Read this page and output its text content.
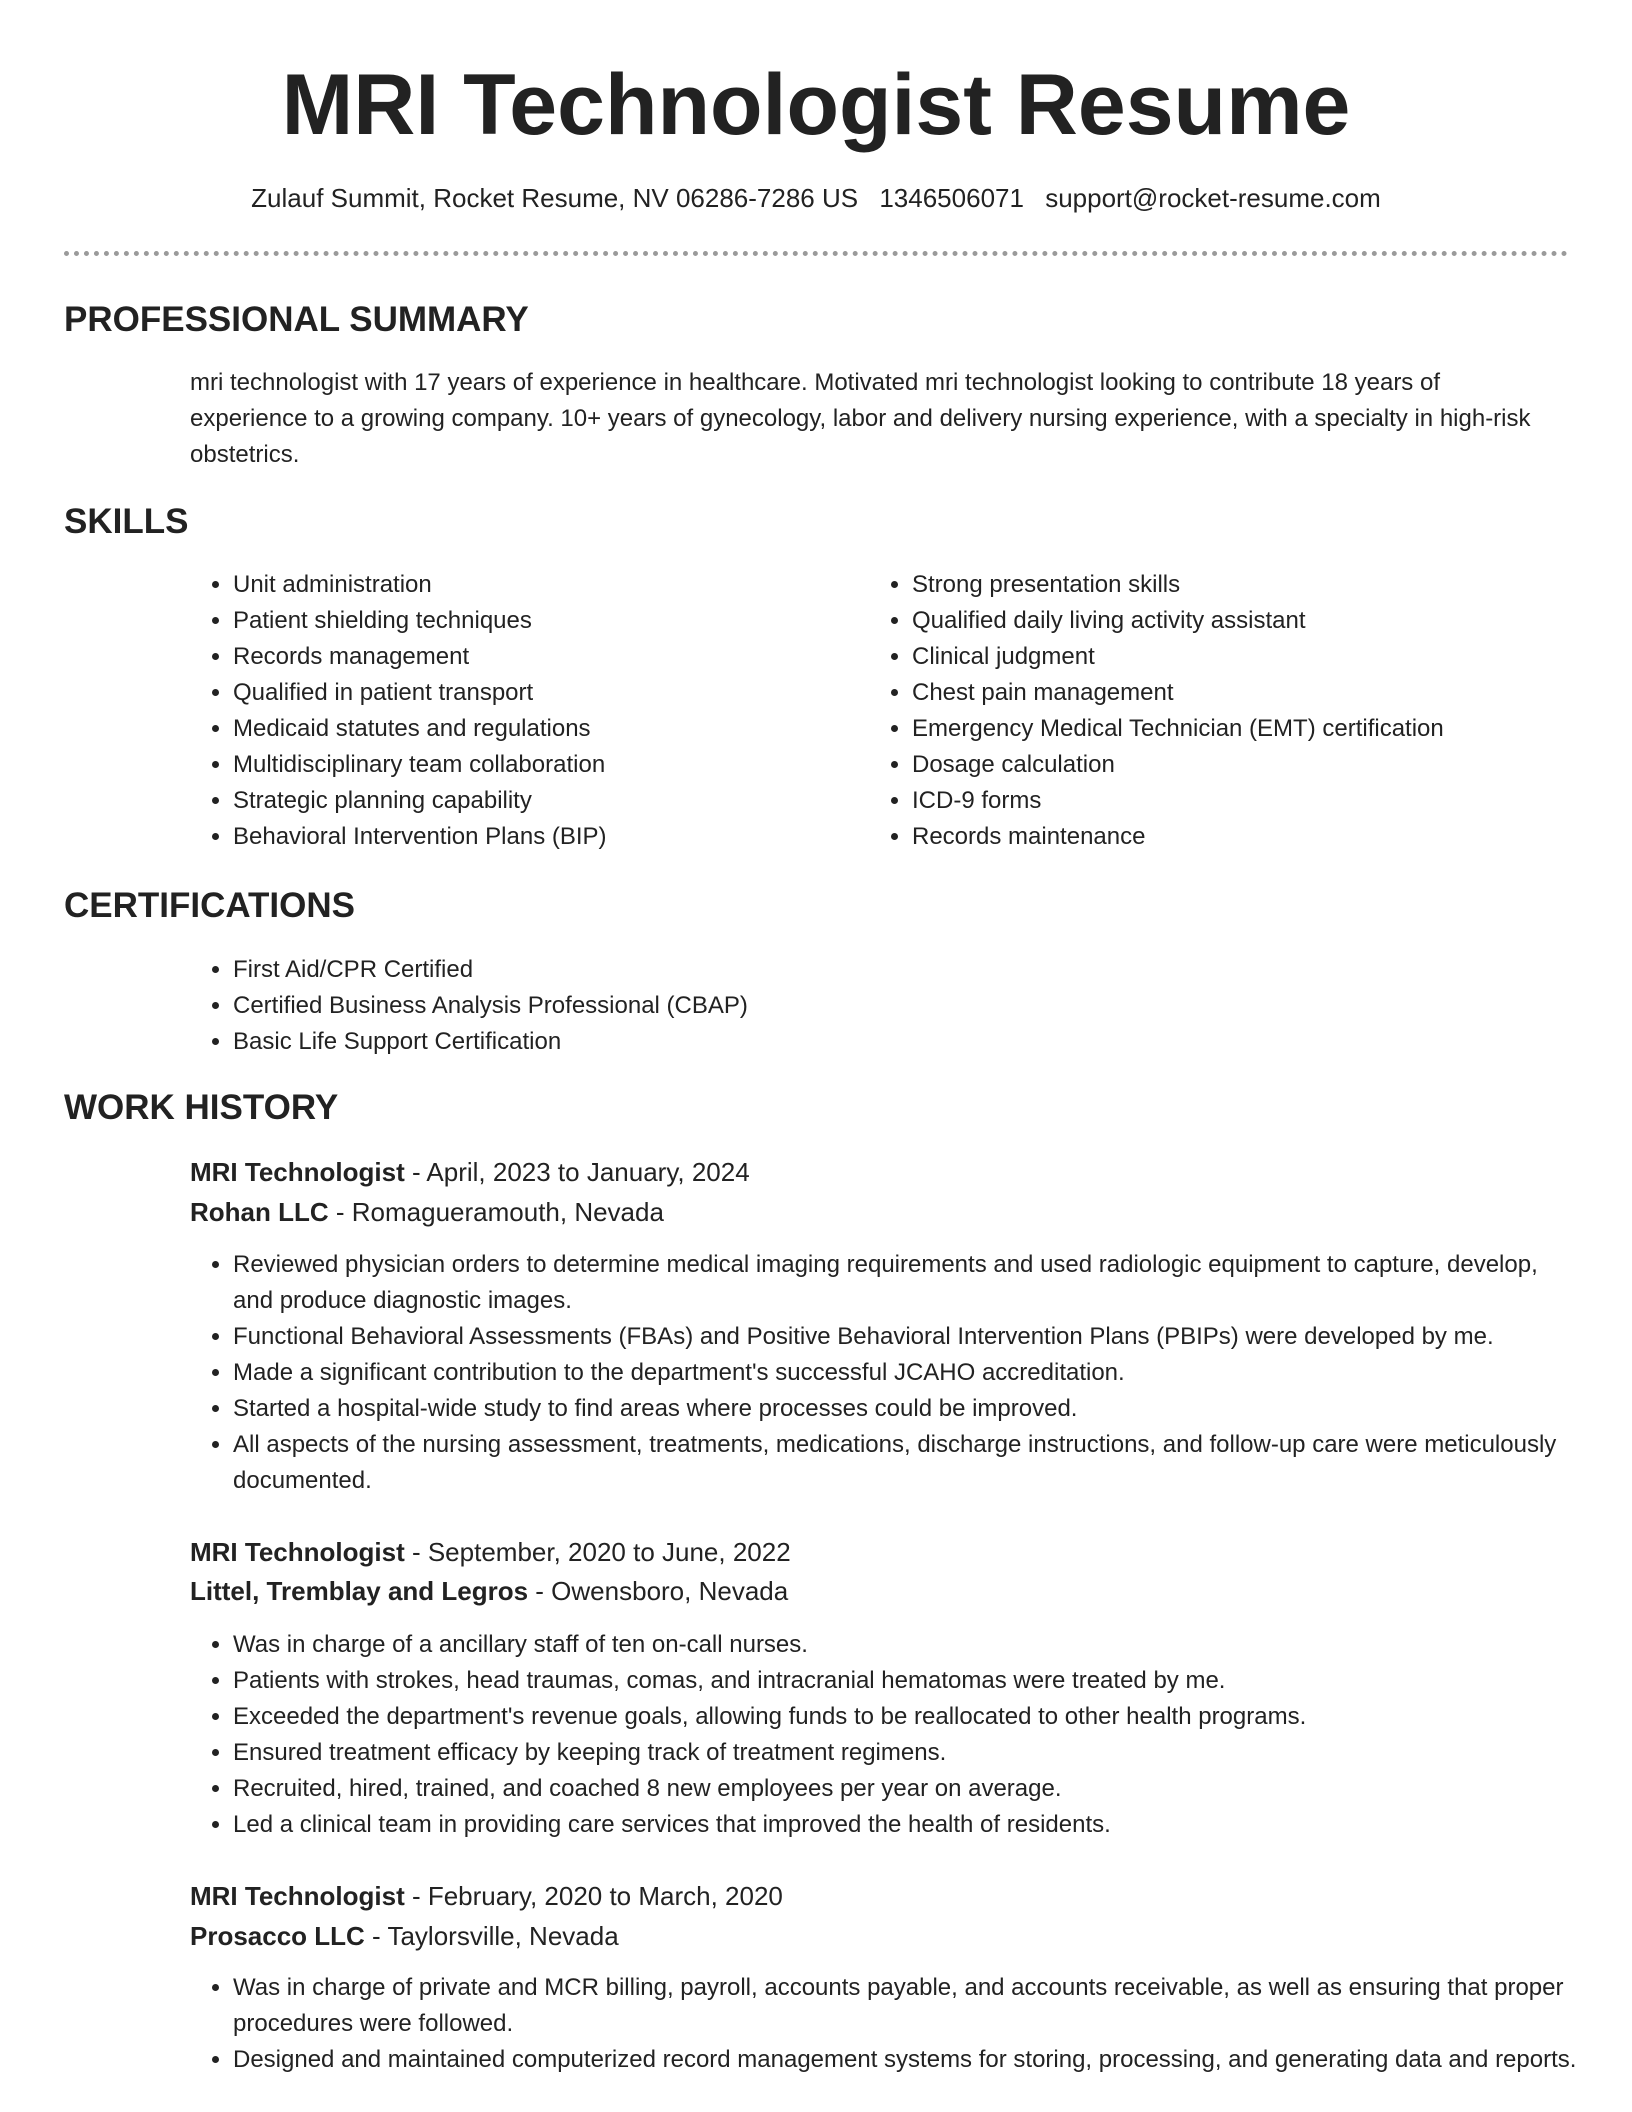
MRI Technologist Resume
Zulauf Summit, Rocket Resume, NV 06286-7286 US 1346506071 support@rocket-resume.com
PROFESSIONAL SUMMARY
mri technologist with 17 years of experience in healthcare. Motivated mri technologist looking to contribute 18 years of experience to a growing company. 10+ years of gynecology, labor and delivery nursing experience, with a specialty in high-risk obstetrics.
SKILLS
• Unit administration
• Patient shielding techniques
• Records management
• Qualified in patient transport
• Medicaid statutes and regulations
• Multidisciplinary team collaboration
• Strategic planning capability
• Behavioral Intervention Plans (BIP)
• Strong presentation skills
• Qualified daily living activity assistant
• Clinical judgment
• Chest pain management
• Emergency Medical Technician (EMT) certification
• Dosage calculation
• ICD-9 forms
• Records maintenance
CERTIFICATIONS
• First Aid/CPR Certified
• Certified Business Analysis Professional (CBAP)
• Basic Life Support Certification
WORK HISTORY
MRI Technologist - April, 2023 to January, 2024
Rohan LLC - Romagueramouth, Nevada
• Reviewed physician orders to determine medical imaging requirements and used radiologic equipment to capture, develop, and produce diagnostic images.
• Functional Behavioral Assessments (FBAs) and Positive Behavioral Intervention Plans (PBIPs) were developed by me.
• Made a significant contribution to the department's successful JCAHO accreditation.
• Started a hospital-wide study to find areas where processes could be improved.
• All aspects of the nursing assessment, treatments, medications, discharge instructions, and follow-up care were meticulously documented.
MRI Technologist - September, 2020 to June, 2022
Littel, Tremblay and Legros - Owensboro, Nevada
• Was in charge of a ancillary staff of ten on-call nurses.
• Patients with strokes, head traumas, comas, and intracranial hematomas were treated by me.
• Exceeded the department's revenue goals, allowing funds to be reallocated to other health programs.
• Ensured treatment efficacy by keeping track of treatment regimens.
• Recruited, hired, trained, and coached 8 new employees per year on average.
• Led a clinical team in providing care services that improved the health of residents.
MRI Technologist - February, 2020 to March, 2020
Prosacco LLC - Taylorsville, Nevada
• Was in charge of private and MCR billing, payroll, accounts payable, and accounts receivable, as well as ensuring that proper procedures were followed.
• Designed and maintained computerized record management systems for storing, processing, and generating data and reports.
